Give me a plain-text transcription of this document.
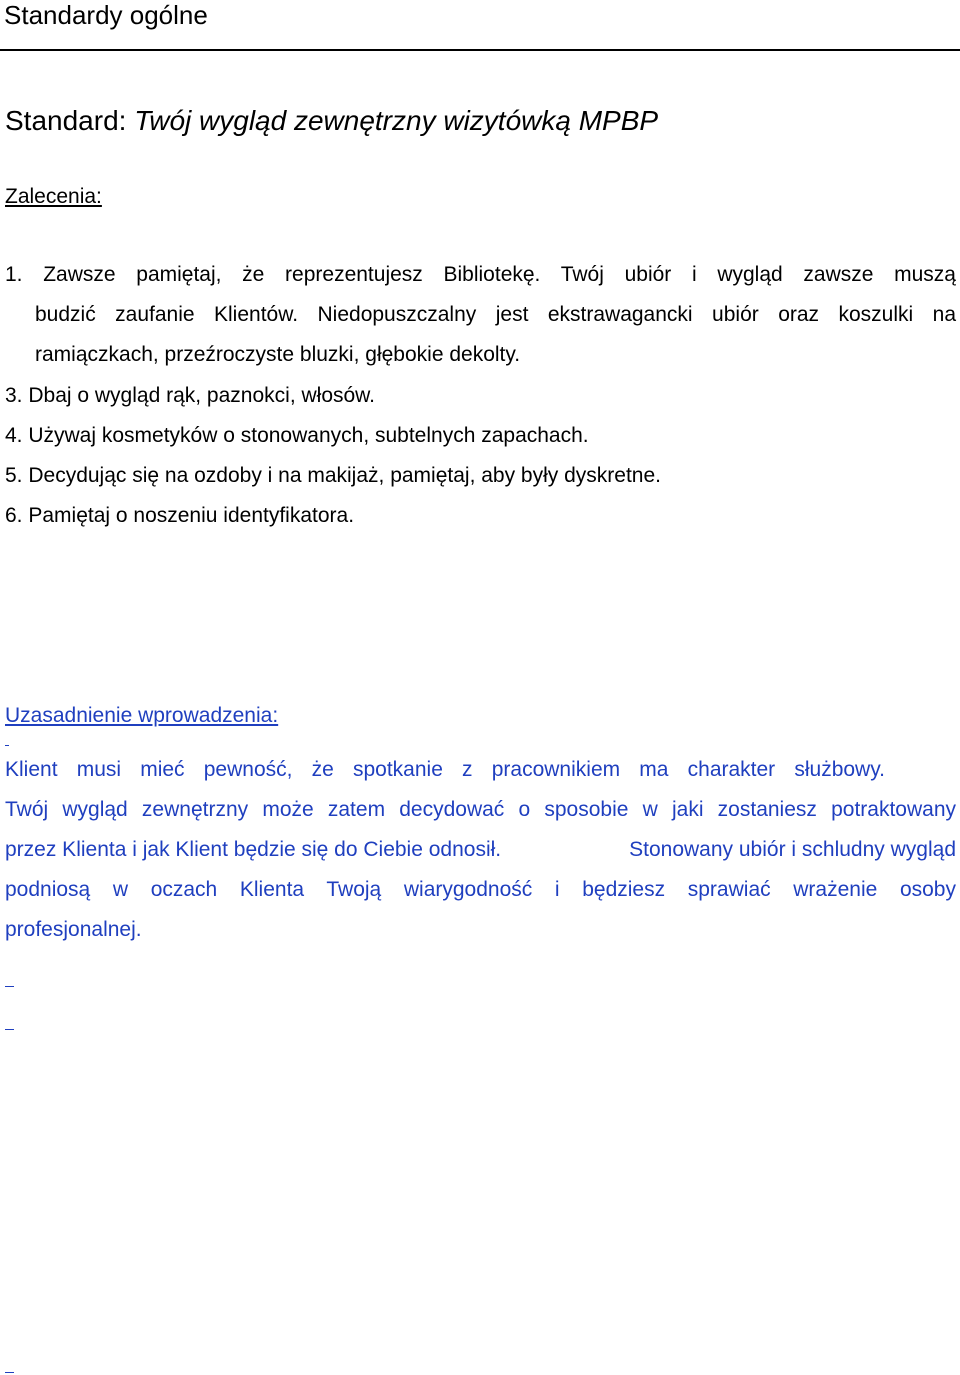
Standardy ogólne
Standard: Twój wygląd zewnętrzny wizytówką MPBP
Zalecenia:
1. Zawsze pamiętaj, że reprezentujesz Bibliotekę. Twój ubiór i wygląd zawsze muszą
budzić zaufanie Klientów. Niedopuszczalny jest ekstrawagancki ubiór oraz koszulki na
ramiączkach, przeźroczyste bluzki, głębokie dekolty.
3. Dbaj o wygląd rąk, paznokci, włosów.
4. Używaj kosmetyków o stonowanych, subtelnych zapachach.
5. Decydując się na ozdoby i na makijaż, pamiętaj, aby były dyskretne.
6. Pamiętaj o noszeniu identyfikatora.
Uzasadnienie wprowadzenia:
Klient musi mieć pewność, że spotkanie z pracownikiem ma charakter służbowy.
Twój wygląd zewnętrzny może zatem decydować o sposobie w jaki zostaniesz potraktowany
przez Klienta i jak Klient będzie się do Ciebie odnosił.	Stonowany ubiór i schludny wygląd
podniosą w oczach Klienta Twoją wiarygodność i będziesz sprawiać wrażenie osoby
profesjonalnej.
